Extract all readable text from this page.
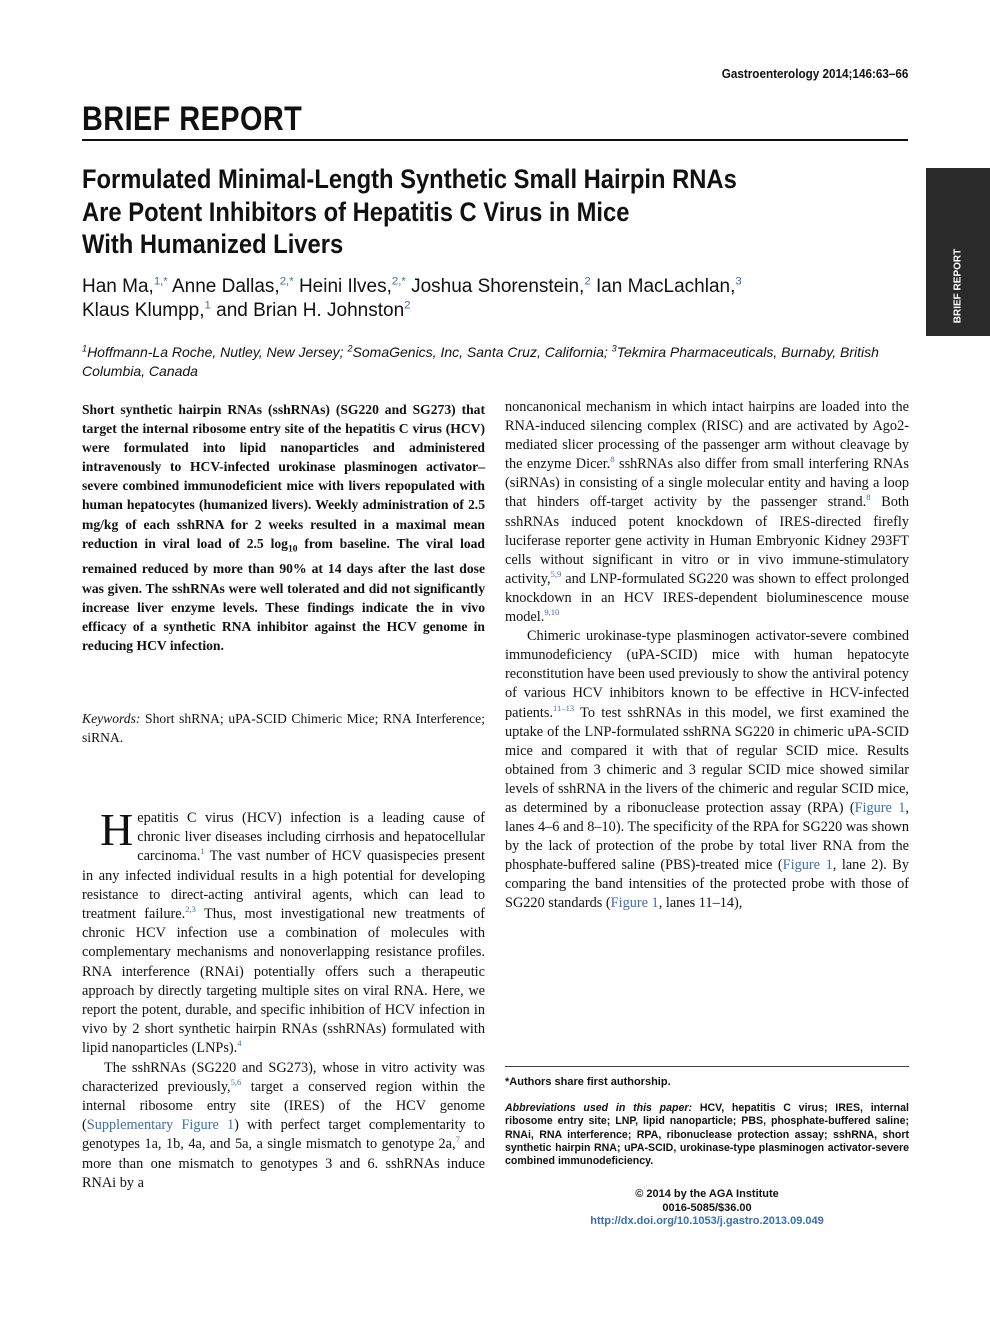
Gastroenterology 2014;146:63–66
BRIEF REPORT
BRIEF REPORT
Formulated Minimal-Length Synthetic Small Hairpin RNAs
Are Potent Inhibitors of Hepatitis C Virus in Mice
With Humanized Livers
Han Ma,$^{1,*}$ Anne Dallas,$^{2,*}$ Heini Ilves,$^{2,*}$ Joshua Shorenstein,$^2$ Ian MacLachlan,$^3$
Klaus Klumpp,$^1$ and Brian H. Johnston$^2$
$^1$Hoffmann-La Roche, Nutley, New Jersey; $^2$SomaGenics, Inc, Santa Cruz, California; $^3$Tekmira Pharmaceuticals, Burnaby, British Columbia, Canada
Short synthetic hairpin RNAs (sshRNAs) (SG220 and SG273) that target the internal ribosome entry site of the hepatitis C virus (HCV) were formulated into lipid nanoparticles and administered intravenously to HCV-infected urokinase plasminogen activator–severe combined immunodeficient mice with livers repopulated with human hepatocytes (humanized livers). Weekly administration of 2.5 mg/kg of each sshRNA for 2 weeks resulted in a maximal mean reduction in viral load of 2.5 $\log_{10}$ from baseline. The viral load remained reduced by more than 90% at 14 days after the last dose was given. The sshRNAs were well tolerated and did not significantly increase liver enzyme levels. These findings indicate the in vivo efficacy of a synthetic RNA inhibitor against the HCV genome in reducing HCV infection.
Keywords: Short shRNA; uPA-SCID Chimeric Mice; RNA Interference; siRNA.

Hepatitis C virus (HCV) infection is a leading cause of chronic liver diseases including cirrhosis and hepatocellular carcinoma.$^1$ The vast number of HCV quasispecies present in any infected individual results in a high potential for developing resistance to direct-acting antiviral agents, which can lead to treatment failure.$^{2,3}$ Thus, most investigational new treatments of chronic HCV infection use a combination of molecules with complementary mechanisms and nonoverlapping resistance profiles. RNA interference (RNAi) potentially offers such a therapeutic approach by directly targeting multiple sites on viral RNA. Here, we report the potent, durable, and specific inhibition of HCV infection in vivo by 2 short synthetic hairpin RNAs (sshRNAs) formulated with lipid nanoparticles (LNPs).$^4$

The sshRNAs (SG220 and SG273), whose in vitro activity was characterized previously,$^{5,6}$ target a conserved region within the internal ribosome entry site (IRES) of the HCV genome (Supplementary Figure 1) with perfect target complementarity to genotypes 1a, 1b, 4a, and 5a, a single mismatch to genotype 2a,$^7$ and more than one mismatch to genotypes 3 and 6. sshRNAs induce RNAi by a

noncanonical mechanism in which intact hairpins are loaded into the RNA-induced silencing complex (RISC) and are activated by Ago2-mediated slicer processing of the passenger arm without cleavage by the enzyme Dicer.$^8$ sshRNAs also differ from small interfering RNAs (siRNAs) in consisting of a single molecular entity and having a loop that hinders off-target activity by the passenger strand.$^8$ Both sshRNAs induced potent knockdown of IRES-directed firefly luciferase reporter gene activity in Human Embryonic Kidney 293FT cells without significant in vitro or in vivo immune-stimulatory activity,$^{5,9}$ and LNP-formulated SG220 was shown to effect prolonged knockdown in an HCV IRES-dependent bioluminescence mouse model.$^{9,10}$

Chimeric urokinase-type plasminogen activator-severe combined immunodeficiency (uPA-SCID) mice with human hepatocyte reconstitution have been used previously to show the antiviral potency of various HCV inhibitors known to be effective in HCV-infected patients.$^{11-13}$ To test sshRNAs in this model, we first examined the uptake of the LNP-formulated sshRNA SG220 in chimeric uPA-SCID mice and compared it with that of regular SCID mice. Results obtained from 3 chimeric and 3 regular SCID mice showed similar levels of sshRNA in the livers of the chimeric and regular SCID mice, as determined by a ribonuclease protection assay (RPA) (Figure 1, lanes 4–6 and 8–10). The specificity of the RPA for SG220 was shown by the lack of protection of the probe by total liver RNA from the phosphate-buffered saline (PBS)-treated mice (Figure 1, lane 2). By comparing the band intensities of the protected probe with those of SG220 standards (Figure 1, lanes 11–14),

*Authors share first authorship.
Abbreviations used in this paper: HCV, hepatitis C virus; IRES, internal ribosome entry site; LNP, lipid nanoparticle; PBS, phosphate-buffered saline; RNAi, RNA interference; RPA, ribonuclease protection assay; sshRNA, short synthetic hairpin RNA; uPA-SCID, urokinase-type plasminogen activator-severe combined immunodeficiency.
© 2014 by the AGA Institute
0016-5085/$36.00
http://dx.doi.org/10.1053/j.gastro.2013.09.049
